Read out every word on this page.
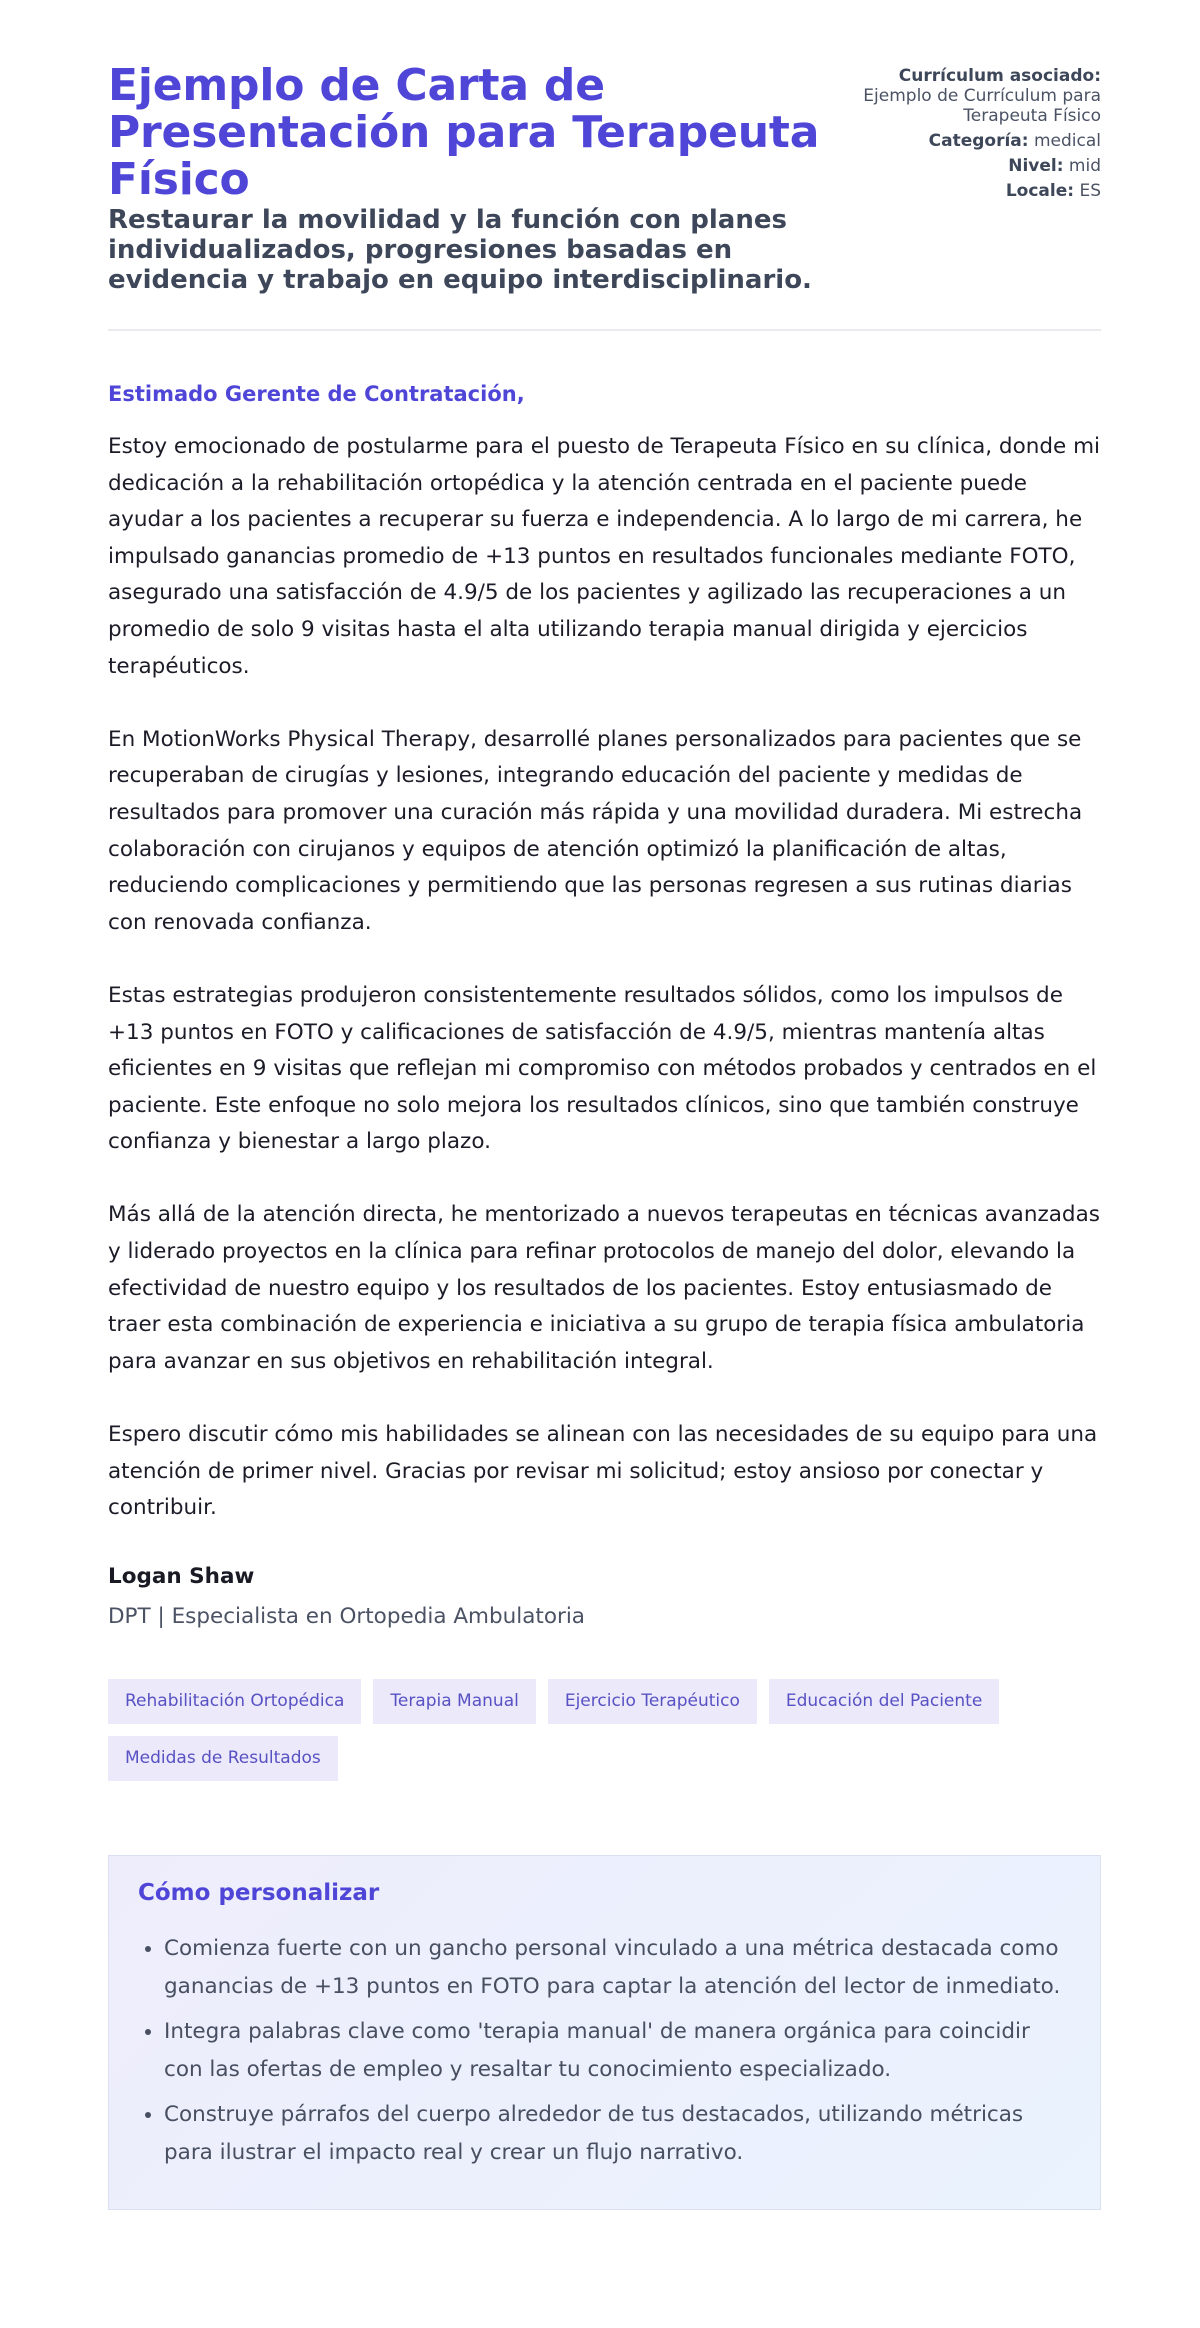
Ejemplo de Carta de Presentación para Terapeuta Físico
Restaurar la movilidad y la función con planes individualizados, progresiones basadas en evidencia y trabajo en equipo interdisciplinario.
Currículum asociado:
Ejemplo de Currículum para Terapeuta Físico
Categoría: medical
Nivel: mid
Locale: ES
Estimado Gerente de Contratación,

Estoy emocionado de postularme para el puesto de Terapeuta Físico en su clínica, donde mi dedicación a la rehabilitación ortopédica y la atención centrada en el paciente puede ayudar a los pacientes a recuperar su fuerza e independencia. A lo largo de mi carrera, he impulsado ganancias promedio de +13 puntos en resultados funcionales mediante FOTO, asegurado una satisfacción de 4.9/5 de los pacientes y agilizado las recuperaciones a un promedio de solo 9 visitas hasta el alta utilizando terapia manual dirigida y ejercicios terapéuticos.

En MotionWorks Physical Therapy, desarrollé planes personalizados para pacientes que se recuperaban de cirugías y lesiones, integrando educación del paciente y medidas de resultados para promover una curación más rápida y una movilidad duradera. Mi estrecha colaboración con cirujanos y equipos de atención optimizó la planificación de altas, reduciendo complicaciones y permitiendo que las personas regresen a sus rutinas diarias con renovada confianza.

Estas estrategias produjeron consistentemente resultados sólidos, como los impulsos de +13 puntos en FOTO y calificaciones de satisfacción de 4.9/5, mientras mantenía altas eficientes en 9 visitas que reflejan mi compromiso con métodos probados y centrados en el paciente. Este enfoque no solo mejora los resultados clínicos, sino que también construye confianza y bienestar a largo plazo.

Más allá de la atención directa, he mentorizado a nuevos terapeutas en técnicas avanzadas y liderado proyectos en la clínica para refinar protocolos de manejo del dolor, elevando la efectividad de nuestro equipo y los resultados de los pacientes. Estoy entusiasmado de traer esta combinación de experiencia e iniciativa a su grupo de terapia física ambulatoria para avanzar en sus objetivos en rehabilitación integral.

Espero discutir cómo mis habilidades se alinean con las necesidades de su equipo para una atención de primer nivel. Gracias por revisar mi solicitud; estoy ansioso por conectar y contribuir.

Logan Shaw
DPT | Especialista en Ortopedia Ambulatoria
Rehabilitación Ortopédica	Terapia Manual	Ejercicio Terapéutico	Educación del Paciente
Medidas de Resultados
Cómo personalizar
• Comienza fuerte con un gancho personal vinculado a una métrica destacada como ganancias de +13 puntos en FOTO para captar la atención del lector de inmediato.
• Integra palabras clave como 'terapia manual' de manera orgánica para coincidir con las ofertas de empleo y resaltar tu conocimiento especializado.
• Construye párrafos del cuerpo alrededor de tus destacados, utilizando métricas para ilustrar el impacto real y crear un flujo narrativo.
